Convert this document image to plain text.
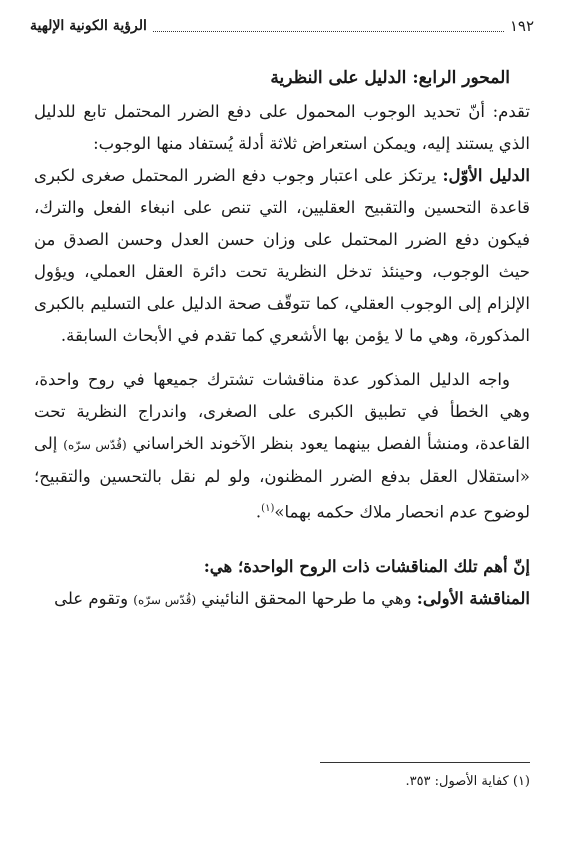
١٩٢
الرؤية الكونية الإلهية

المحور الرابع: الدليل على النظرية

تقدم: أنّ تحديد الوجوب المحمول على دفع الضرر المحتمل تابع للدليل الذي يستند إليه، ويمكن استعراض ثلاثة أدلة يُستفاد منها الوجوب:

الدليل الأوّل: يرتكز على اعتبار وجوب دفع الضرر المحتمل صغرى لكبرى قاعدة التحسين والتقبيح العقليين، التي تنص على انبغاء الفعل والترك، فيكون دفع الضرر المحتمل على وزان حسن العدل وحسن الصدق من حيث الوجوب، وحينئذ تدخل النظرية تحت دائرة العقل العملي، ويؤول الإلزام إلى الوجوب العقلي، كما تتوقّف صحة الدليل على التسليم بالكبرى المذكورة، وهي ما لا يؤمن بها الأشعري كما تقدم في الأبحاث السابقة.

واجه الدليل المذكور عدة مناقشات تشترك جميعها في روح واحدة، وهي الخطأ في تطبيق الكبرى على الصغرى، واندراج النظرية تحت القاعدة، ومنشأ الفصل بينهما يعود بنظر الآخوند الخراساني (قُدّس سرّه) إلى «استقلال العقل بدفع الضرر المظنون، ولو لم نقل بالتحسين والتقبيح؛ لوضوح عدم انحصار ملاك حكمه بهما»$^{(١)}$.

إنّ أهم تلك المناقشات ذات الروح الواحدة؛ هي:

المناقشة الأولى: وهي ما طرحها المحقق النائيني (قُدّس سرّه) وتقوم على

(١) كفاية الأصول: ٣٥٣.
